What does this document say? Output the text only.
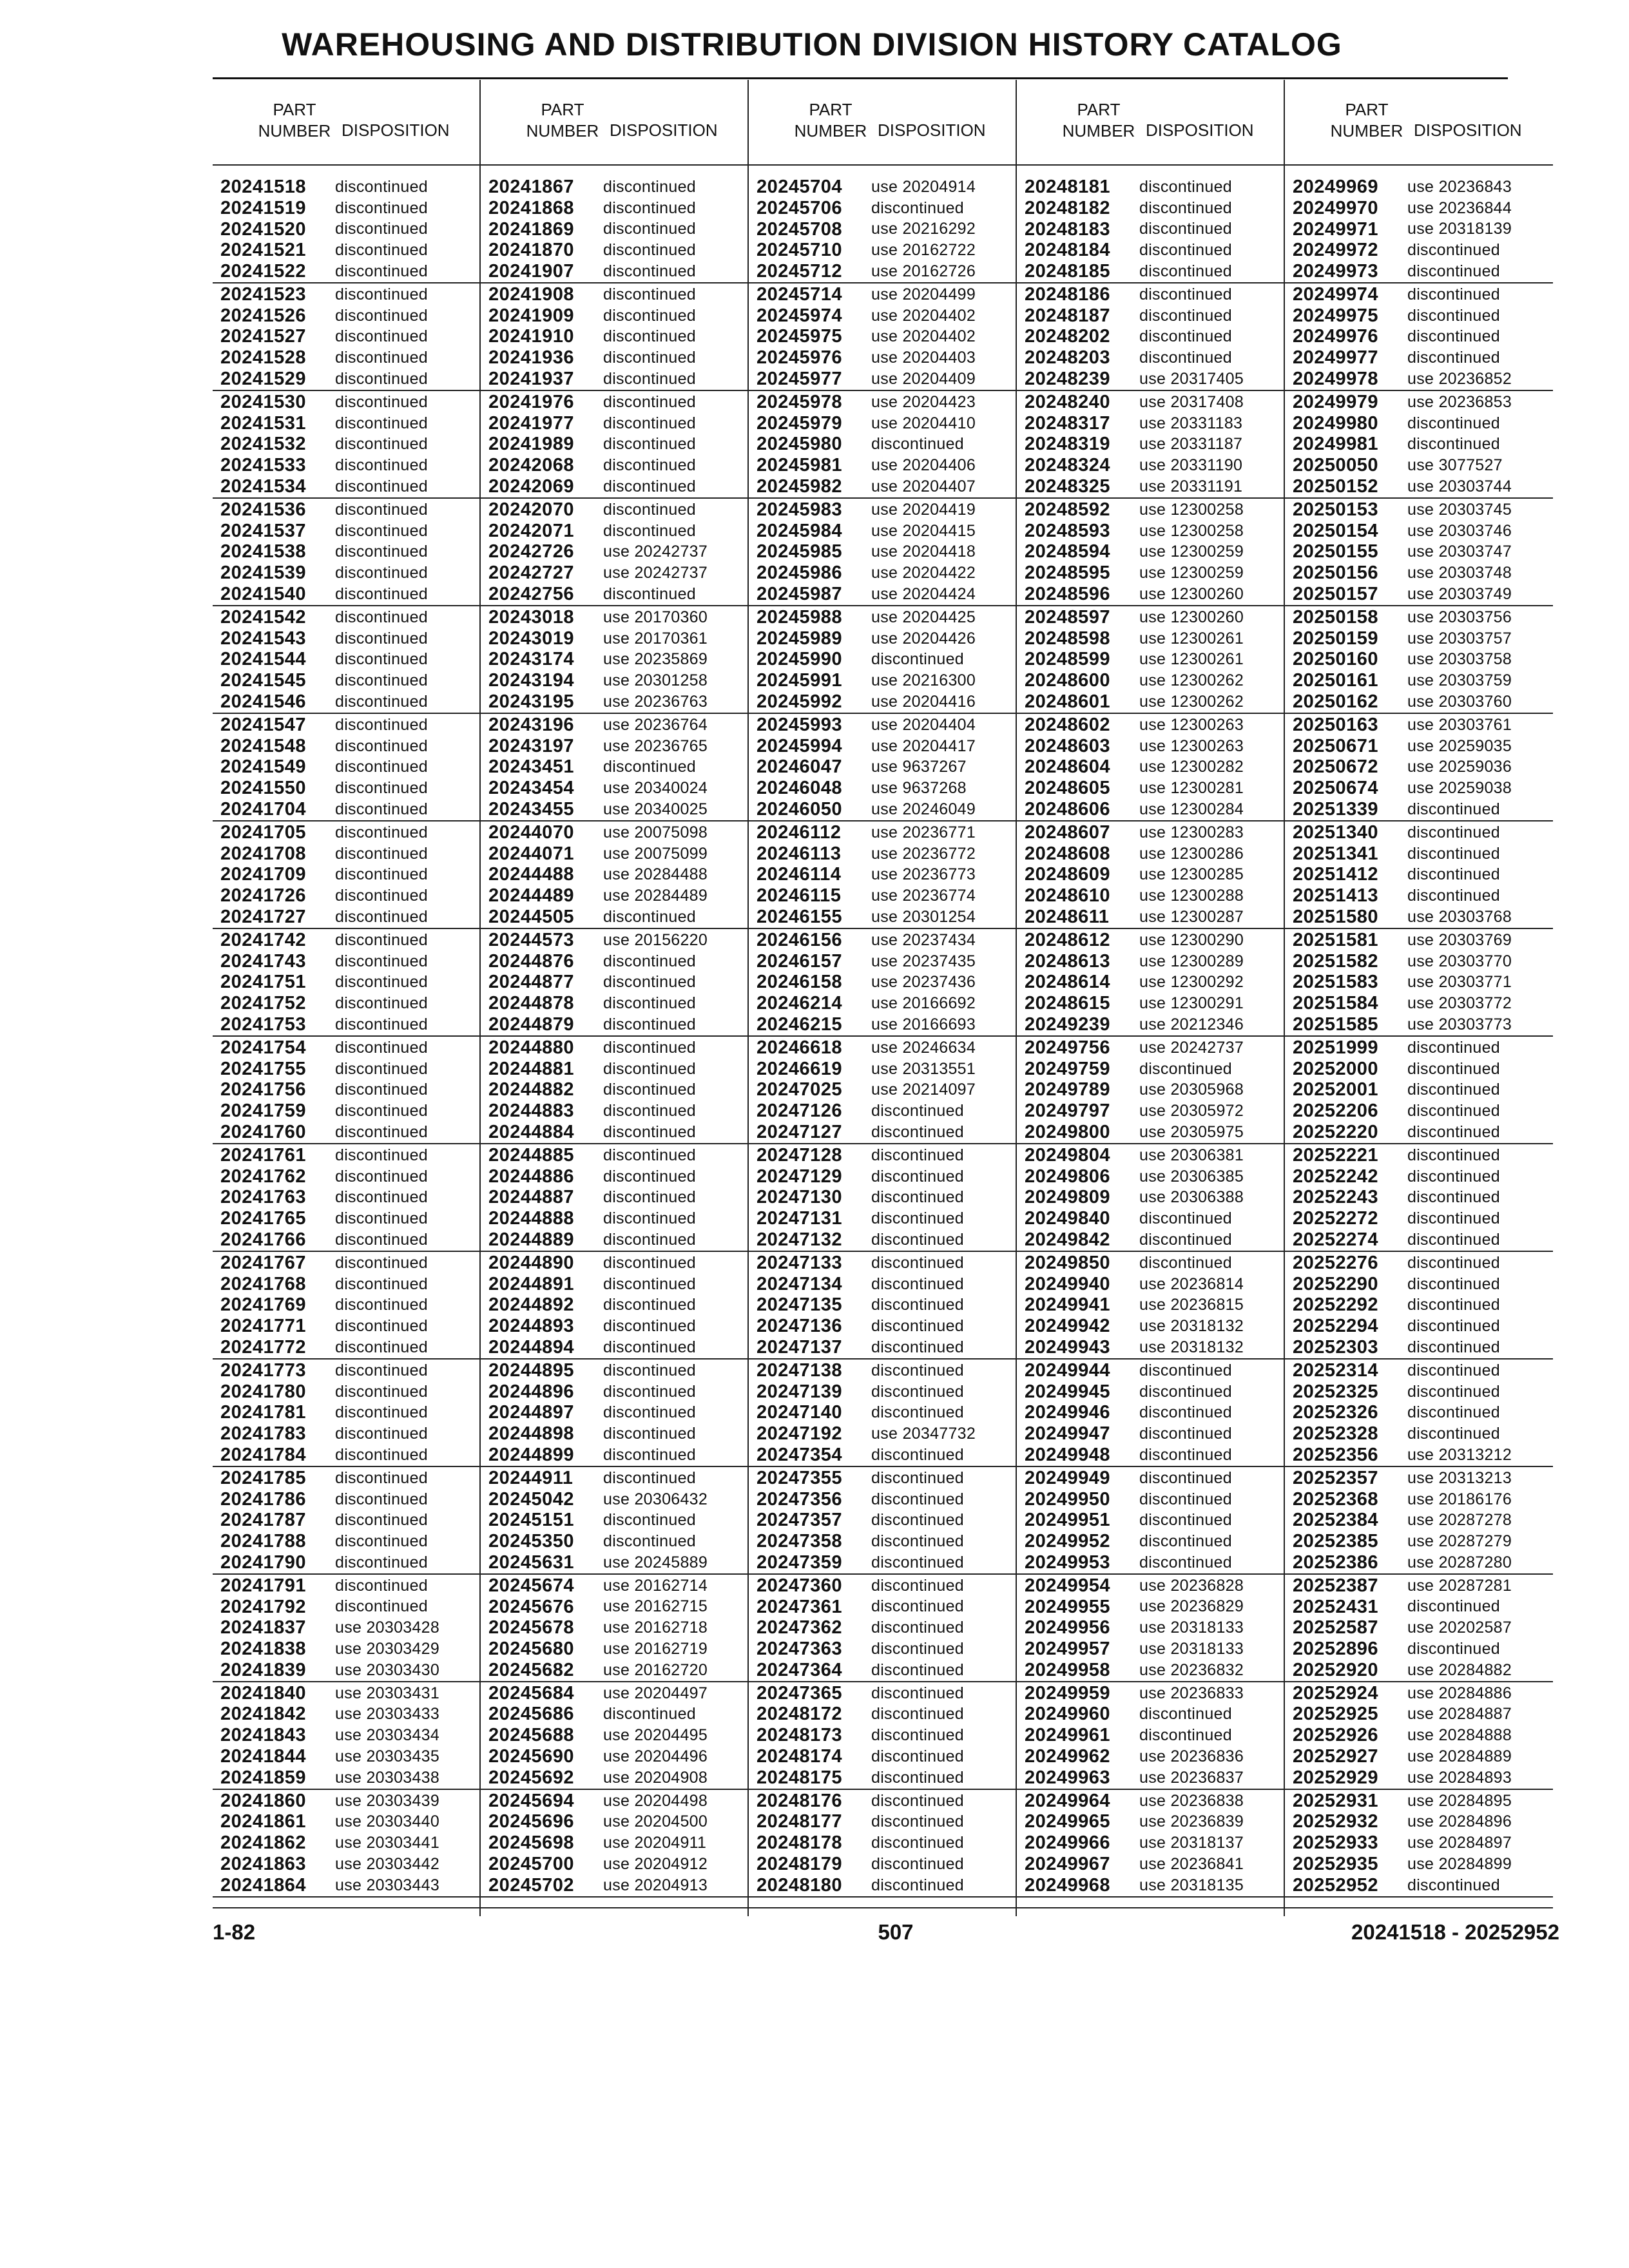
WAREHOUSING AND DISTRIBUTION DIVISION HISTORY CATALOG
PART
NUMBER DISPOSITION
20241518	discontinued
20241519	discontinued
20241520	discontinued
20241521	discontinued
20241522	discontinued
20241523	discontinued
20241526	discontinued
20241527	discontinued
20241528	discontinued
20241529	discontinued
20241530	discontinued
20241531	discontinued
20241532	discontinued
20241533	discontinued
20241534	discontinued
20241536	discontinued
20241537	discontinued
20241538	discontinued
20241539	discontinued
20241540	discontinued
20241542	discontinued
20241543	discontinued
20241544	discontinued
20241545	discontinued
20241546	discontinued
20241547	discontinued
20241548	discontinued
20241549	discontinued
20241550	discontinued
20241704	discontinued
20241705	discontinued
20241708	discontinued
20241709	discontinued
20241726	discontinued
20241727	discontinued
20241742	discontinued
20241743	discontinued
20241751	discontinued
20241752	discontinued
20241753	discontinued
20241754	discontinued
20241755	discontinued
20241756	discontinued
20241759	discontinued
20241760	discontinued
20241761	discontinued
20241762	discontinued
20241763	discontinued
20241765	discontinued
20241766	discontinued
20241767	discontinued
20241768	discontinued
20241769	discontinued
20241771	discontinued
20241772	discontinued
20241773	discontinued
20241780	discontinued
20241781	discontinued
20241783	discontinued
20241784	discontinued
20241785	discontinued
20241786	discontinued
20241787	discontinued
20241788	discontinued
20241790	discontinued
20241791	discontinued
20241792	discontinued
20241837	use 20303428
20241838	use 20303429
20241839	use 20303430
20241840	use 20303431
20241842	use 20303433
20241843	use 20303434
20241844	use 20303435
20241859	use 20303438
20241860	use 20303439
20241861	use 20303440
20241862	use 20303441
20241863	use 20303442
20241864	use 20303443
PART
NUMBER DISPOSITION
20241867	discontinued
20241868	discontinued
20241869	discontinued
20241870	discontinued
20241907	discontinued
20241908	discontinued
20241909	discontinued
20241910	discontinued
20241936	discontinued
20241937	discontinued
20241976	discontinued
20241977	discontinued
20241989	discontinued
20242068	discontinued
20242069	discontinued
20242070	discontinued
20242071	discontinued
20242726	use 20242737
20242727	use 20242737
20242756	discontinued
20243018	use 20170360
20243019	use 20170361
20243174	use 20235869
20243194	use 20301258
20243195	use 20236763
20243196	use 20236764
20243197	use 20236765
20243451	discontinued
20243454	use 20340024
20243455	use 20340025
20244070	use 20075098
20244071	use 20075099
20244488	use 20284488
20244489	use 20284489
20244505	discontinued
20244573	use 20156220
20244876	discontinued
20244877	discontinued
20244878	discontinued
20244879	discontinued
20244880	discontinued
20244881	discontinued
20244882	discontinued
20244883	discontinued
20244884	discontinued
20244885	discontinued
20244886	discontinued
20244887	discontinued
20244888	discontinued
20244889	discontinued
20244890	discontinued
20244891	discontinued
20244892	discontinued
20244893	discontinued
20244894	discontinued
20244895	discontinued
20244896	discontinued
20244897	discontinued
20244898	discontinued
20244899	discontinued
20244911	discontinued
20245042	use 20306432
20245151	discontinued
20245350	discontinued
20245631	use 20245889
20245674	use 20162714
20245676	use 20162715
20245678	use 20162718
20245680	use 20162719
20245682	use 20162720
20245684	use 20204497
20245686	discontinued
20245688	use 20204495
20245690	use 20204496
20245692	use 20204908
20245694	use 20204498
20245696	use 20204500
20245698	use 20204911
20245700	use 20204912
20245702	use 20204913
PART
NUMBER DISPOSITION
20245704	use 20204914
20245706	discontinued
20245708	use 20216292
20245710	use 20162722
20245712	use 20162726
20245714	use 20204499
20245974	use 20204402
20245975	use 20204402
20245976	use 20204403
20245977	use 20204409
20245978	use 20204423
20245979	use 20204410
20245980	discontinued
20245981	use 20204406
20245982	use 20204407
20245983	use 20204419
20245984	use 20204415
20245985	use 20204418
20245986	use 20204422
20245987	use 20204424
20245988	use 20204425
20245989	use 20204426
20245990	discontinued
20245991	use 20216300
20245992	use 20204416
20245993	use 20204404
20245994	use 20204417
20246047	use 9637267
20246048	use 9637268
20246050	use 20246049
20246112	use 20236771
20246113	use 20236772
20246114	use 20236773
20246115	use 20236774
20246155	use 20301254
20246156	use 20237434
20246157	use 20237435
20246158	use 20237436
20246214	use 20166692
20246215	use 20166693
20246618	use 20246634
20246619	use 20313551
20247025	use 20214097
20247126	discontinued
20247127	discontinued
20247128	discontinued
20247129	discontinued
20247130	discontinued
20247131	discontinued
20247132	discontinued
20247133	discontinued
20247134	discontinued
20247135	discontinued
20247136	discontinued
20247137	discontinued
20247138	discontinued
20247139	discontinued
20247140	discontinued
20247192	use 20347732
20247354	discontinued
20247355	discontinued
20247356	discontinued
20247357	discontinued
20247358	discontinued
20247359	discontinued
20247360	discontinued
20247361	discontinued
20247362	discontinued
20247363	discontinued
20247364	discontinued
20247365	discontinued
20248172	discontinued
20248173	discontinued
20248174	discontinued
20248175	discontinued
20248176	discontinued
20248177	discontinued
20248178	discontinued
20248179	discontinued
20248180	discontinued
PART
NUMBER DISPOSITION
20248181	discontinued
20248182	discontinued
20248183	discontinued
20248184	discontinued
20248185	discontinued
20248186	discontinued
20248187	discontinued
20248202	discontinued
20248203	discontinued
20248239	use 20317405
20248240	use 20317408
20248317	use 20331183
20248319	use 20331187
20248324	use 20331190
20248325	use 20331191
20248592	use 12300258
20248593	use 12300258
20248594	use 12300259
20248595	use 12300259
20248596	use 12300260
20248597	use 12300260
20248598	use 12300261
20248599	use 12300261
20248600	use 12300262
20248601	use 12300262
20248602	use 12300263
20248603	use 12300263
20248604	use 12300282
20248605	use 12300281
20248606	use 12300284
20248607	use 12300283
20248608	use 12300286
20248609	use 12300285
20248610	use 12300288
20248611	use 12300287
20248612	use 12300290
20248613	use 12300289
20248614	use 12300292
20248615	use 12300291
20249239	use 20212346
20249756	use 20242737
20249759	discontinued
20249789	use 20305968
20249797	use 20305972
20249800	use 20305975
20249804	use 20306381
20249806	use 20306385
20249809	use 20306388
20249840	discontinued
20249842	discontinued
20249850	discontinued
20249940	use 20236814
20249941	use 20236815
20249942	use 20318132
20249943	use 20318132
20249944	discontinued
20249945	discontinued
20249946	discontinued
20249947	discontinued
20249948	discontinued
20249949	discontinued
20249950	discontinued
20249951	discontinued
20249952	discontinued
20249953	discontinued
20249954	use 20236828
20249955	use 20236829
20249956	use 20318133
20249957	use 20318133
20249958	use 20236832
20249959	use 20236833
20249960	discontinued
20249961	discontinued
20249962	use 20236836
20249963	use 20236837
20249964	use 20236838
20249965	use 20236839
20249966	use 20318137
20249967	use 20236841
20249968	use 20318135
PART
NUMBER DISPOSITION
20249969	use 20236843
20249970	use 20236844
20249971	use 20318139
20249972	discontinued
20249973	discontinued
20249974	discontinued
20249975	discontinued
20249976	discontinued
20249977	discontinued
20249978	use 20236852
20249979	use 20236853
20249980	discontinued
20249981	discontinued
20250050	use 3077527
20250152	use 20303744
20250153	use 20303745
20250154	use 20303746
20250155	use 20303747
20250156	use 20303748
20250157	use 20303749
20250158	use 20303756
20250159	use 20303757
20250160	use 20303758
20250161	use 20303759
20250162	use 20303760
20250163	use 20303761
20250671	use 20259035
20250672	use 20259036
20250674	use 20259038
20251339	discontinued
20251340	discontinued
20251341	discontinued
20251412	discontinued
20251413	discontinued
20251580	use 20303768
20251581	use 20303769
20251582	use 20303770
20251583	use 20303771
20251584	use 20303772
20251585	use 20303773
20251999	discontinued
20252000	discontinued
20252001	discontinued
20252206	discontinued
20252220	discontinued
20252221	discontinued
20252242	discontinued
20252243	discontinued
20252272	discontinued
20252274	discontinued
20252276	discontinued
20252290	discontinued
20252292	discontinued
20252294	discontinued
20252303	discontinued
20252314	discontinued
20252325	discontinued
20252326	discontinued
20252328	discontinued
20252356	use 20313212
20252357	use 20313213
20252368	use 20186176
20252384	use 20287278
20252385	use 20287279
20252386	use 20287280
20252387	use 20287281
20252431	discontinued
20252587	use 20202587
20252896	discontinued
20252920	use 20284882
20252924	use 20284886
20252925	use 20284887
20252926	use 20284888
20252927	use 20284889
20252929	use 20284893
20252931	use 20284895
20252932	use 20284896
20252933	use 20284897
20252935	use 20284899
20252952	discontinued
1-82	507	20241518 - 20252952
